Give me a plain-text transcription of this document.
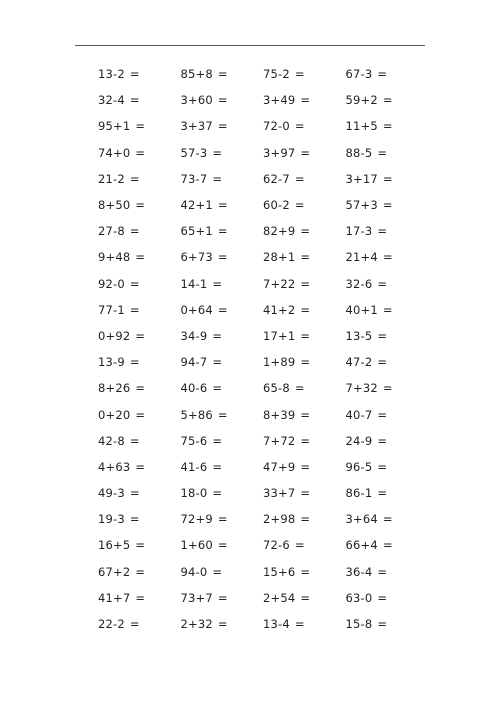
13-2 =	85+8 =	75-2 =	67-3 =
32-4 =	3+60 =	3+49 =	59+2 =
95+1 =	3+37 =	72-0 =	11+5 =
74+0 =	57-3 =	3+97 =	88-5 =
21-2 =	73-7 =	62-7 =	3+17 =
8+50 =	42+1 =	60-2 =	57+3 =
27-8 =	65+1 =	82+9 =	17-3 =
9+48 =	6+73 =	28+1 =	21+4 =
92-0 =	14-1 =	7+22 =	32-6 =
77-1 =	0+64 =	41+2 =	40+1 =
0+92 =	34-9 =	17+1 =	13-5 =
13-9 =	94-7 =	1+89 =	47-2 =
8+26 =	40-6 =	65-8 =	7+32 =
0+20 =	5+86 =	8+39 =	40-7 =
42-8 =	75-6 =	7+72 =	24-9 =
4+63 =	41-6 =	47+9 =	96-5 =
49-3 =	18-0 =	33+7 =	86-1 =
19-3 =	72+9 =	2+98 =	3+64 =
16+5 =	1+60 =	72-6 =	66+4 =
67+2 =	94-0 =	15+6 =	36-4 =
41+7 =	73+7 =	2+54 =	63-0 =
22-2 =	2+32 =	13-4 =	15-8 =
